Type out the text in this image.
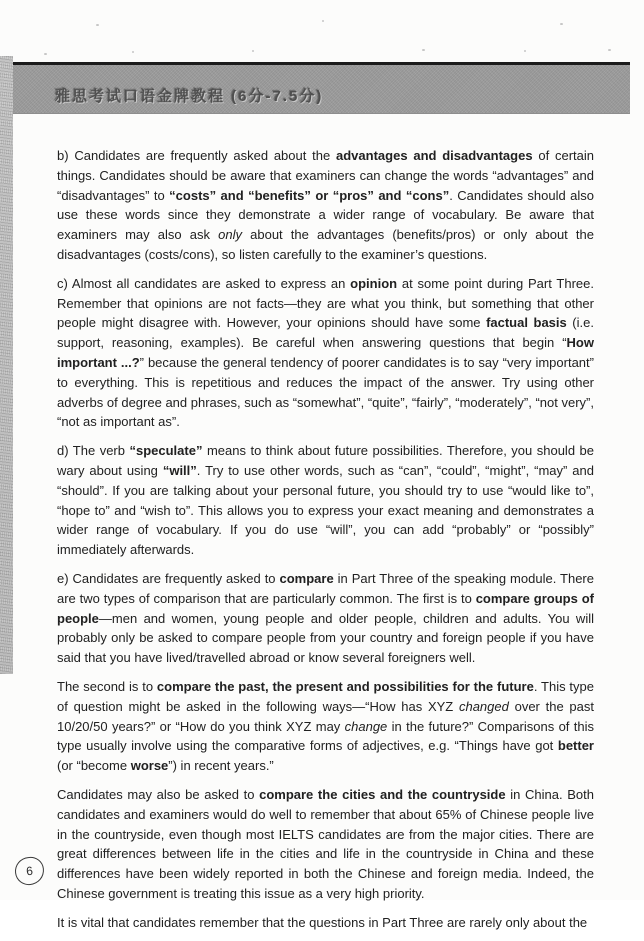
雅思考试口语金牌教程 (6分-7.5分)

b) Candidates are frequently asked about the advantages and disadvantages of certain things. Candidates should be aware that examiners can change the words “advantages” and “disadvantages” to “costs” and “benefits” or “pros” and “cons”. Candidates should also use these words since they demonstrate a wider range of vocabulary. Be aware that examiners may also ask only about the advantages (benefits/pros) or only about the disadvantages (costs/cons), so listen carefully to the examiner’s questions.

c) Almost all candidates are asked to express an opinion at some point during Part Three. Remember that opinions are not facts—they are what you think, but something that other people might disagree with. However, your opinions should have some factual basis (i.e. support, reasoning, examples). Be careful when answering questions that begin “How important ...?” because the general tendency of poorer candidates is to say “very important” to everything. This is repetitious and reduces the impact of the answer. Try using other adverbs of degree and phrases, such as “somewhat”, “quite”, “fairly”, “moderately”, “not very”, “not as important as”.

d) The verb “speculate” means to think about future possibilities. Therefore, you should be wary about using “will”. Try to use other words, such as “can”, “could”, “might”, “may” and “should”. If you are talking about your personal future, you should try to use “would like to”, “hope to” and “wish to”. This allows you to express your exact meaning and demonstrates a wider range of vocabulary. If you do use “will”, you can add “probably” or “possibly” immediately afterwards.

e) Candidates are frequently asked to compare in Part Three of the speaking module. There are two types of comparison that are particularly common. The first is to compare groups of people—men and women, young people and older people, children and adults. You will probably only be asked to compare people from your country and foreign people if you have said that you have lived/travelled abroad or know several foreigners well.

The second is to compare the past, the present and possibilities for the future. This type of question might be asked in the following ways—“How has XYZ changed over the past 10/20/50 years?” or “How do you think XYZ may change in the future?” Comparisons of this type usually involve using the comparative forms of adjectives, e.g. “Things have got better (or “become worse”) in recent years.”

Candidates may also be asked to compare the cities and the countryside in China. Both candidates and examiners would do well to remember that about 65% of Chinese people live in the countryside, even though most IELTS candidates are from the major cities. There are great differences between life in the cities and life in the countryside in China and these differences have been widely reported in both the Chinese and foreign media. Indeed, the Chinese government is treating this issue as a very high priority.

It is vital that candidates remember that the questions in Part Three are rarely only about the

6
